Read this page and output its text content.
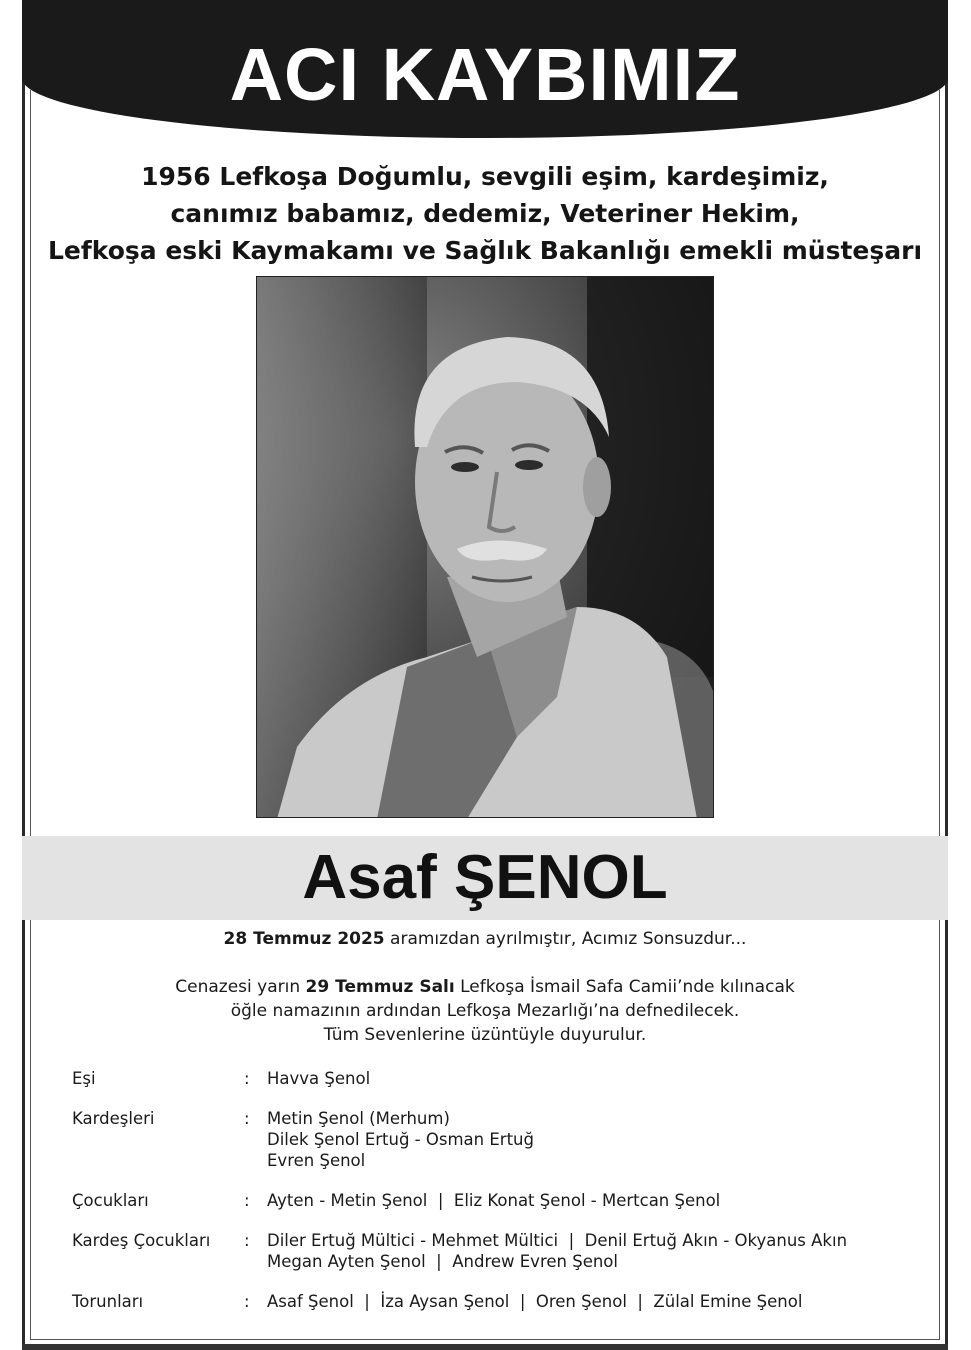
ACI KAYBIMIZ
1956 Lefkoşa Doğumlu, sevgili eşim, kardeşimiz,
canımız babamız, dedemiz, Veteriner Hekim,
Lefkoşa eski Kaymakamı ve Sağlık Bakanlığı emekli müsteşarı
Asaf ŞENOL
28 Temmuz 2025 aramızdan ayrılmıştır, Acımız Sonsuzdur...
Cenazesi yarın 29 Temmuz Salı Lefkoşa İsmail Safa Camii’nde kılınacak
öğle namazının ardından Lefkoşa Mezarlığı’na defnedilecek.
Tüm Sevenlerine üzüntüyle duyurulur.
Eşi	:	Havva Şenol
Kardeşleri	:	Metin Şenol (Merhum)
Dilek Şenol Ertuğ - Osman Ertuğ
Evren Şenol
Çocukları	:	Ayten - Metin Şenol  |  Eliz Konat Şenol - Mertcan Şenol
Kardeş Çocukları	:	Diler Ertuğ Mültici - Mehmet Mültici  |  Denil Ertuğ Akın - Okyanus Akın
Megan Ayten Şenol  |  Andrew Evren Şenol
Torunları	:	Asaf Şenol  |  İza Aysan Şenol  |  Oren Şenol  |  Zülal Emine Şenol
